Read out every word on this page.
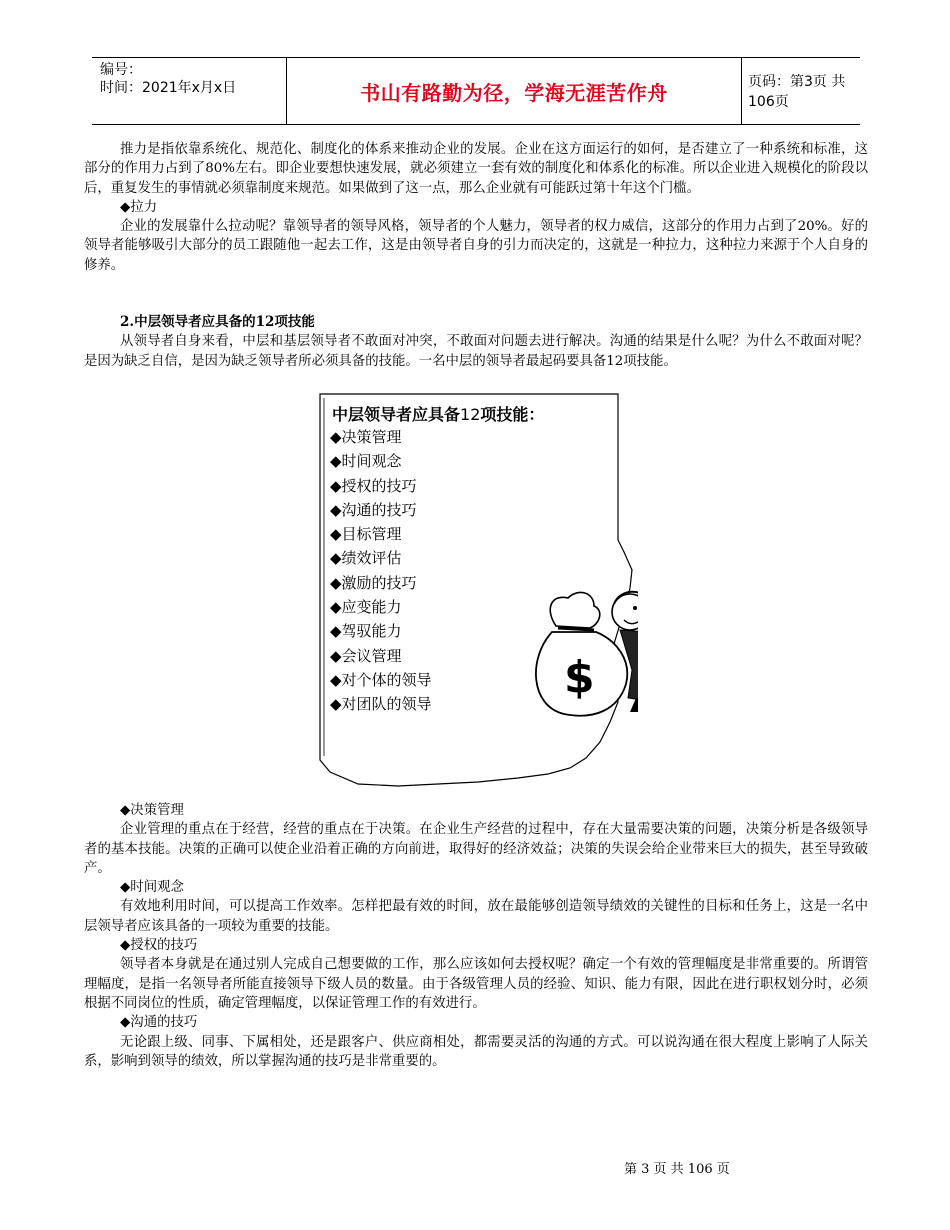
编号：
时间：2021年x月x日	书山有路勤为径，学海无涯苦作舟	页码：第3页 共106页

推力是指依靠系统化、规范化、制度化的体系来推动企业的发展。企业在这方面运行的如何，是否建立了一种系统和标准，这部分的作用力占到了80%左右。即企业要想快速发展，就必须建立一套有效的制度化和体系化的标准。所以企业进入规模化的阶段以后，重复发生的事情就必须靠制度来规范。如果做到了这一点，那么企业就有可能跃过第十年这个门槛。

◆拉力

企业的发展靠什么拉动呢？靠领导者的领导风格，领导者的个人魅力，领导者的权力威信，这部分的作用力占到了20%。好的领导者能够吸引大部分的员工跟随他一起去工作，这是由领导者自身的引力而决定的，这就是一种拉力，这种拉力来源于个人自身的修养。

2.中层领导者应具备的12项技能

从领导者自身来看，中层和基层领导者不敢面对冲突，不敢面对问题去进行解决。沟通的结果是什么呢？为什么不敢面对呢？是因为缺乏自信，是因为缺乏领导者所必须具备的技能。一名中层的领导者最起码要具备12项技能。

$
中层领导者应具备12项技能：
◆决策管理
◆时间观念
◆授权的技巧
◆沟通的技巧
◆目标管理
◆绩效评估
◆激励的技巧
◆应变能力
◆驾驭能力
◆会议管理
◆对个体的领导
◆对团队的领导

◆决策管理

企业管理的重点在于经营，经营的重点在于决策。在企业生产经营的过程中，存在大量需要决策的问题，决策分析是各级领导者的基本技能。决策的正确可以使企业沿着正确的方向前进，取得好的经济效益；决策的失误会给企业带来巨大的损失，甚至导致破产。

◆时间观念

有效地利用时间，可以提高工作效率。怎样把最有效的时间，放在最能够创造领导绩效的关键性的目标和任务上，这是一名中层领导者应该具备的一项较为重要的技能。

◆授权的技巧

领导者本身就是在通过别人完成自己想要做的工作，那么应该如何去授权呢？确定一个有效的管理幅度是非常重要的。所谓管理幅度，是指一名领导者所能直接领导下级人员的数量。由于各级管理人员的经验、知识、能力有限，因此在进行职权划分时，必须根据不同岗位的性质，确定管理幅度，以保证管理工作的有效进行。

◆沟通的技巧

无论跟上级、同事、下属相处，还是跟客户、供应商相处，都需要灵活的沟通的方式。可以说沟通在很大程度上影响了人际关系，影响到领导的绩效，所以掌握沟通的技巧是非常重要的。

第 3 页 共 106 页
